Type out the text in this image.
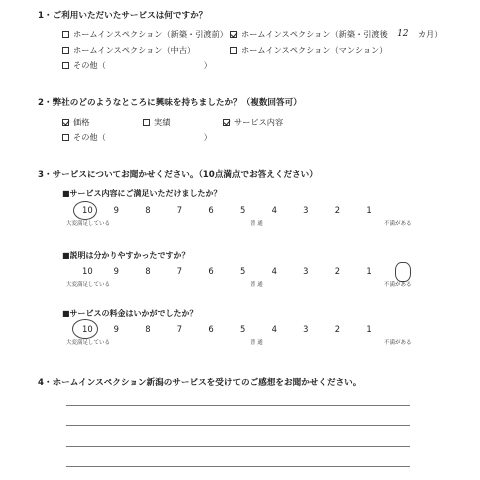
1・ご利用いただいたサービスは何ですか？
ホームインスペクション（新築・引渡前） ホームインスペクション（新築・引渡後	12	カ月）
ホームインスペクション（中古）	ホームインスペクション（マンション）
その他（	）
2・弊社のどのようなところに興味を持ちましたか？（複数回答可）
価格	実績	サービス内容
その他（	）
3・サービスについてお聞かせください。（10点満点でお答えください）
■サービス内容にご満足いただけましたか？
10	9	8	7	6	5	4	3	2	1
大変満足している	普 通	不満がある
■説明は分かりやすかったですか？
10	9	8	7	6	5	4	3	2	1
大変満足している	普 通	不満がある
■サービスの料金はいかがでしたか？
10	9	8	7	6	5	4	3	2	1
大変満足している	普 通	不満がある
4・ホームインスペクション新潟のサービスを受けてのご感想をお聞かせください。
